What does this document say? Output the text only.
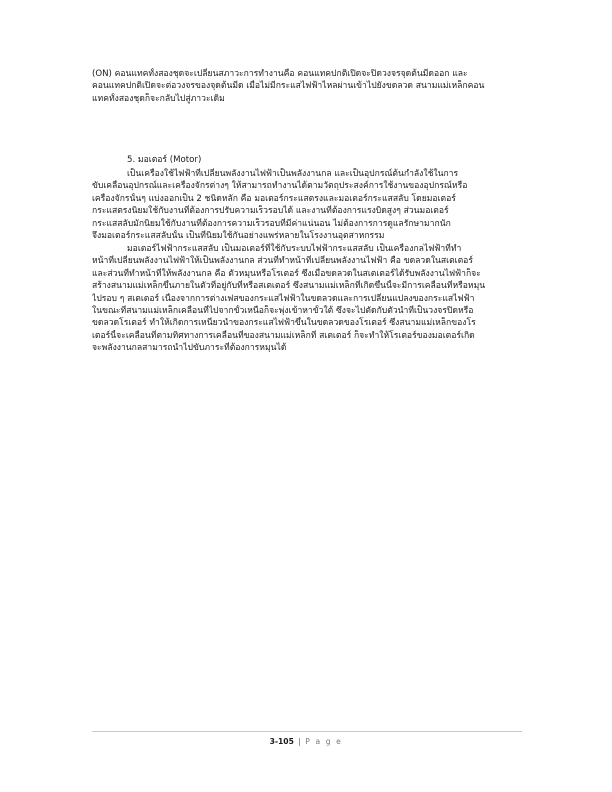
(ON) คอนแทคทั้งสองชุดจะเปลี่ยนสภาวะการทำงานคือ คอนแทคปกติเปิดจะปิดวงจรจุดต้นมีดออก และ
คอนแทคปกติเปิดจะต่อวงจรของจุดต้นมีด เมื่อไม่มีกระแสไฟฟ้าไหลผ่านเข้าไปยังขดลวด สนามแม่เหล็กคอน
แทคทั้งสองชุดก็จะกลับไปสู่ภาวะเดิม
5. มอเตอร์ (Motor)
เป็นเครื่องใช้ไฟฟ้าที่เปลี่ยนพลังงานไฟฟ้าเป็นพลังงานกล และเป็นอุปกรณ์ต้นกำลังใช้ในการ
ขับเคลื่อนอุปกรณ์และเครื่องจักรต่างๆ ให้สามารถทำงานได้ตามวัตถุประสงค์การใช้งานของอุปกรณ์หรือ
เครื่องจักรนั้นๆ แบ่งออกเป็น 2 ชนิดหลัก คือ มอเตอร์กระแสตรงและมอเตอร์กระแสสลับ โดยมอเตอร์
กระแสตรงนิยมใช้กับงานที่ต้องการปรับความเร็วรอบได้ และงานที่ต้องการแรงบิดสูงๆ ส่วนมอเตอร์
กระแสสลับมักนิยมใช้กับงานที่ต้องการความเร็วรอบที่มีค่าแน่นอน ไม่ต้องการการดูแลรักษามากนัก
จึงมอเตอร์กระแสสลับนั้น เป็นที่นิยมใช้กันอย่างแพร่หลายในโรงงานอุตสาหกรรม
มอเตอร์ไฟฟ้ากระแสสลับ เป็นมอเตอร์ที่ใช้กับระบบไฟฟ้ากระแสสลับ เป็นเครื่องกลไฟฟ้าที่ทำ
หน้าที่เปลี่ยนพลังงานไฟฟ้าให้เป็นพลังงานกล ส่วนที่ทำหน้าที่เปลี่ยนพลังงานไฟฟ้า คือ ขดลวดในสเตเตอร์
และส่วนที่ทำหน้าที่ให้พลังงานกล คือ ตัวหมุนหรือโรเตอร์ ซึ่งเมื่อขดลวดในสเตเตอร์ได้รับพลังงานไฟฟ้าก็จะ
สร้างสนามแม่เหล็กขึ้นภายในตัวที่อยู่กับที่หรือสเตเตอร์ ซึ่งสนามแม่เหล็กที่เกิดขึ้นนี้จะมีการเคลื่อนที่หรือหมุน
ไปรอบ ๆ สเตเตอร์ เนื่องจากการต่างเฟสของกระแสไฟฟ้าในขดลวดและการเปลี่ยนแปลงของกระแสไฟฟ้า
ในขณะที่สนามแม่เหล็กเคลื่อนที่ไปจากขั้วเหนือก็จะพุ่งเข้าหาขั้วใต้ ซึ่งจะไปตัดกับตัวนำที่เป็นวงจรปิดหรือ
ขดลวดโรเตอร์ ทำให้เกิดการเหนี่ยวนำของกระแสไฟฟ้าขึ้นในขดลวดของโรเตอร์ ซึ่งสนามแม่เหล็กของโร
เตอร์นี้จะเคลื่อนที่ตามทิศทางการเคลื่อนที่ของสนามแม่เหล็กที่ สเตเตอร์ ก็จะทำให้โรเตอร์ของมอเตอร์เกิด
จะพลังงานกลสามารถนำไปขับภาระที่ต้องการหมุนได้
3-105 | P a g e
